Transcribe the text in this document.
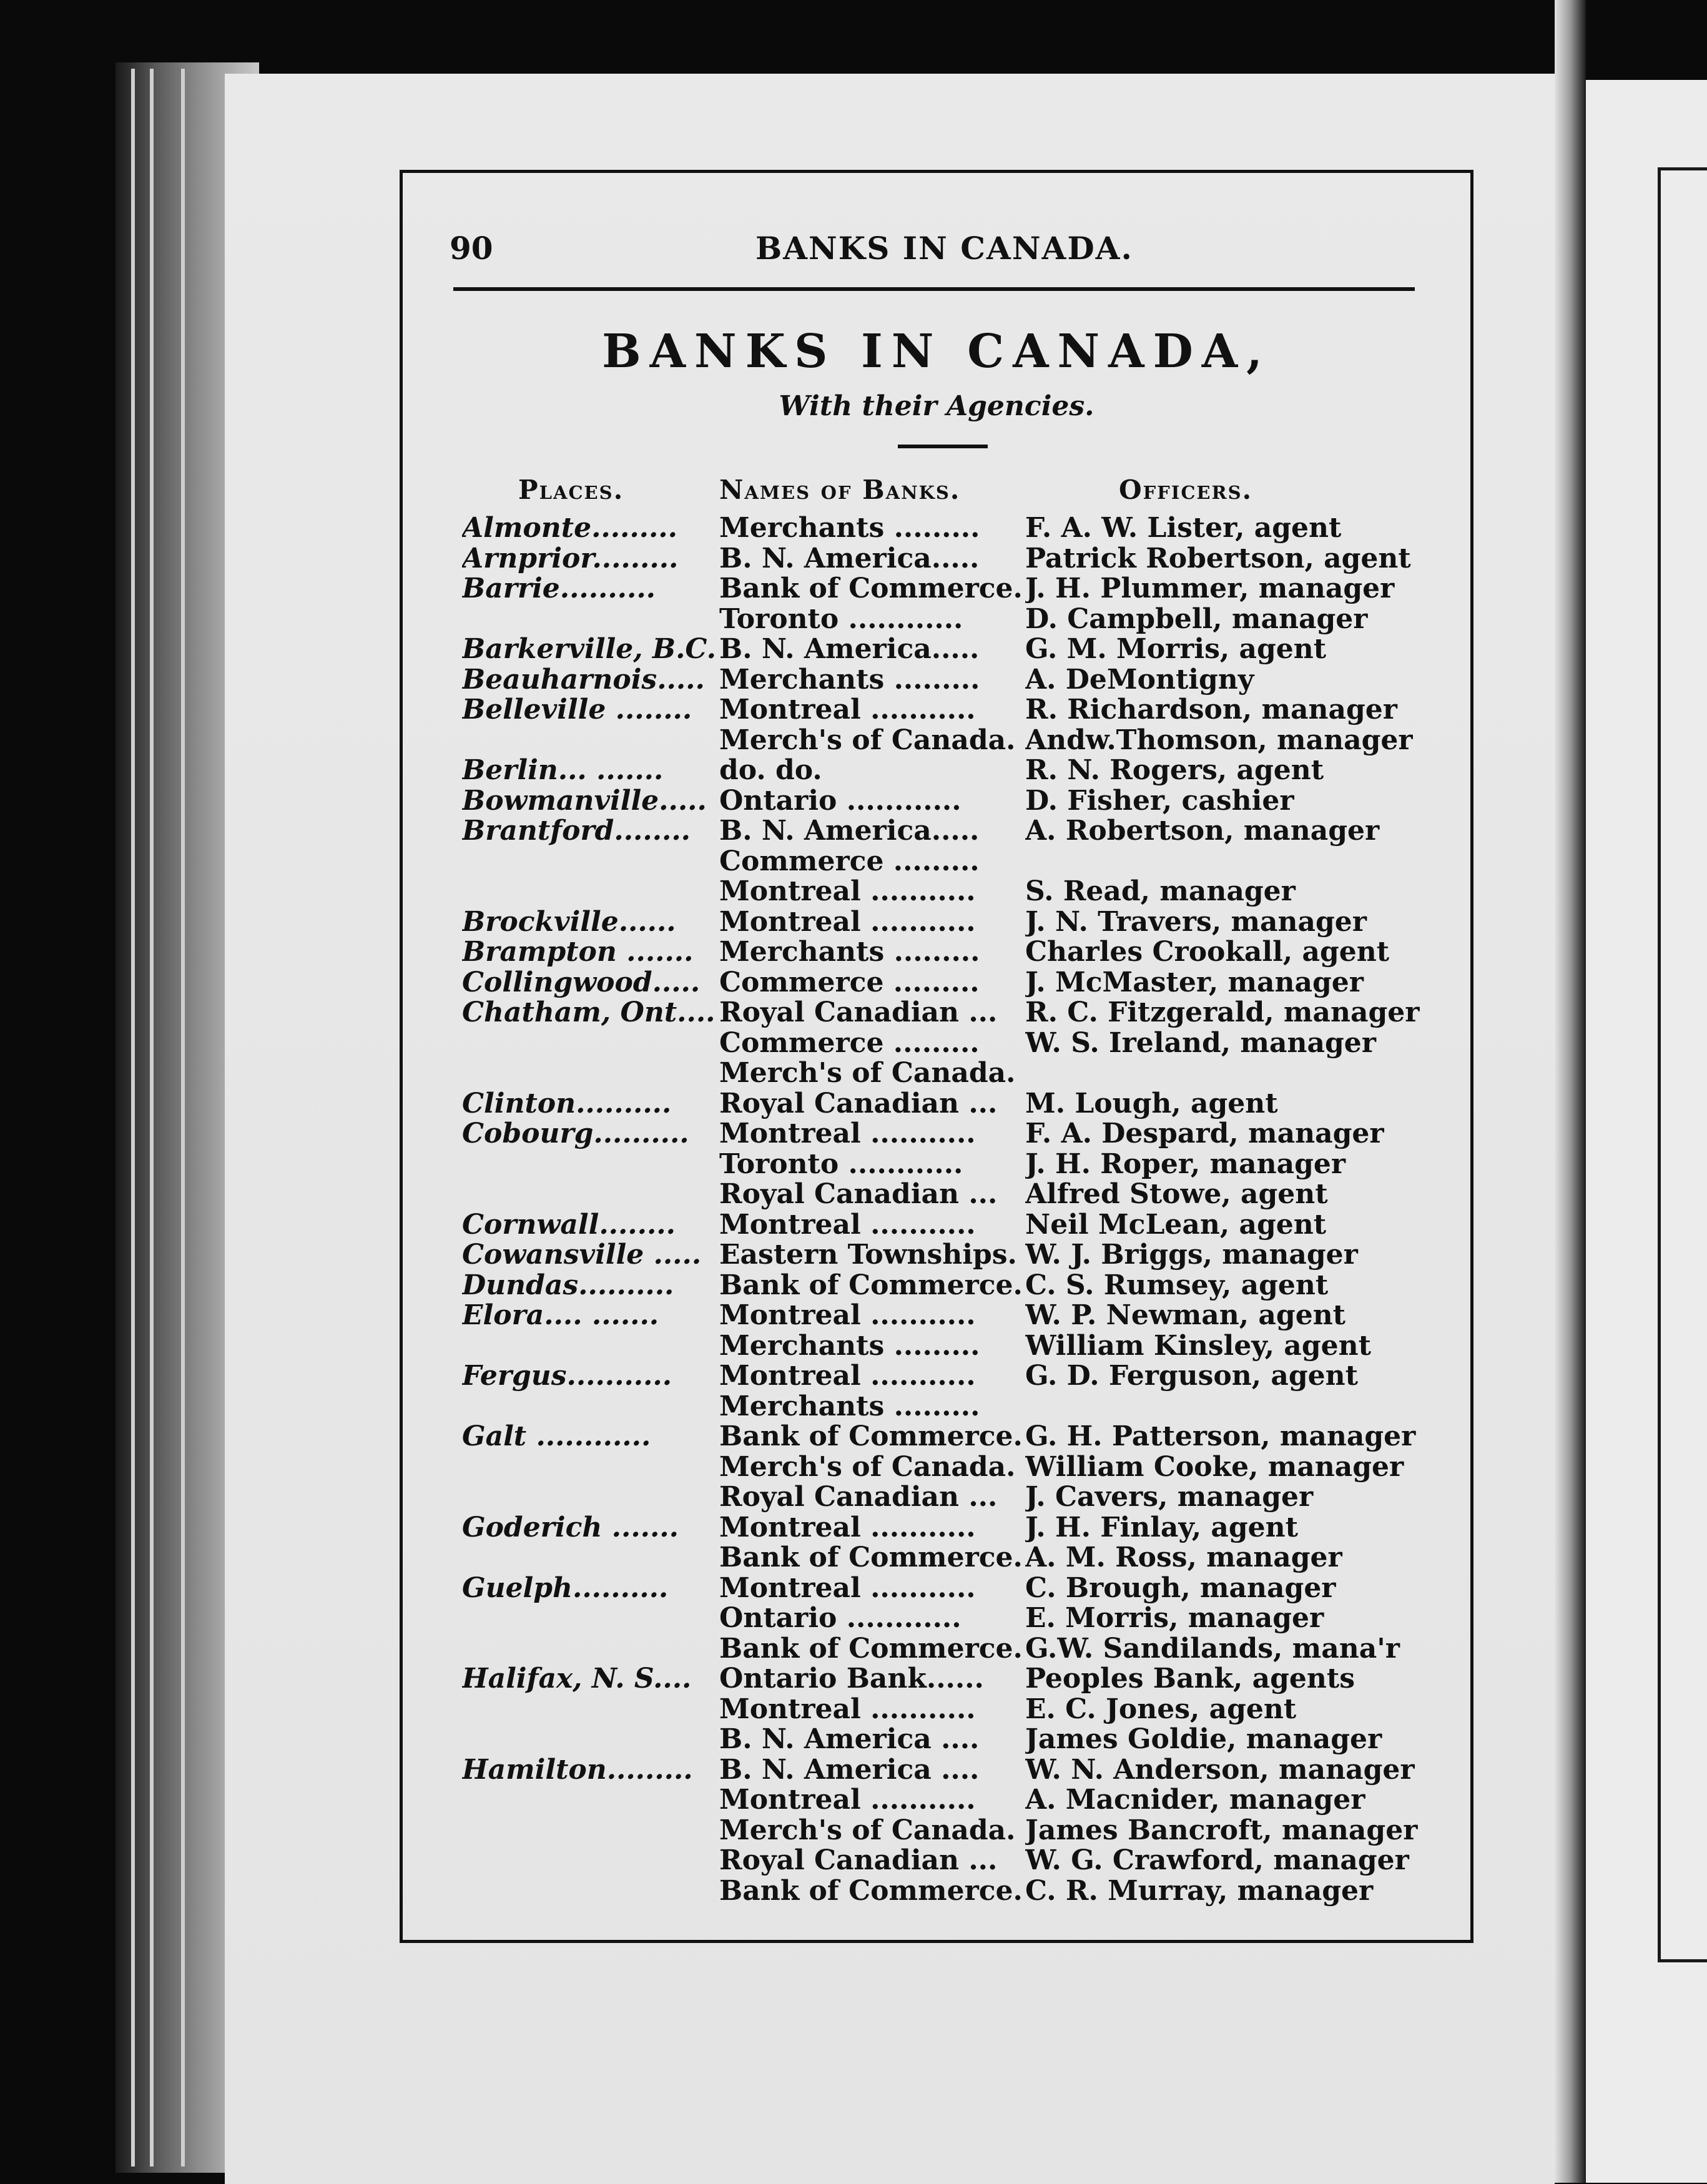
90	BANKS IN CANADA.
BANKS IN CANADA,
With their Agencies.
Places.	Names of Banks.	Officers.
Almonte.........	Merchants .........	F. A. W. Lister, agent
Arnprior.........	B. N. America.....	Patrick Robertson, agent
Barrie..........	Bank of Commerce. J. H. Plummer, manager
Toronto ............	D. Campbell, manager
Barkerville, B.C. B. N. America.....	G. M. Morris, agent
Beauharnois..... Merchants .........	A. DeMontigny
Belleville ........ Montreal ...........	R. Richardson, manager
Merch's of Canada. Andw.Thomson, manager
Berlin... .......	do. do.	R. N. Rogers, agent
Bowmanville..... Ontario ............	D. Fisher, cashier
Brantford........	B. N. America.....	A. Robertson, manager
Commerce .........
Montreal ...........	S. Read, manager
Brockville......	Montreal ...........	J. N. Travers, manager
Brampton ....... Merchants .........	Charles Crookall, agent
Collingwood..... Commerce .........	J. McMaster, manager
Chatham, Ont.... Royal Canadian ...	R. C. Fitzgerald, manager
Commerce .........	W. S. Ireland, manager
Merch's of Canada.
Clinton..........	Royal Canadian ...	M. Lough, agent
Cobourg..........	Montreal ...........	F. A. Despard, manager
Toronto ............	J. H. Roper, manager
Royal Canadian ...	Alfred Stowe, agent
Cornwall........	Montreal ...........	Neil McLean, agent
Cowansville ..... Eastern Townships. W. J. Briggs, manager
Dundas..........	Bank of Commerce. C. S. Rumsey, agent
Elora.... .......	Montreal ...........	W. P. Newman, agent
Merchants .........	William Kinsley, agent
Fergus...........	Montreal ...........	G. D. Ferguson, agent
Merchants .........
Galt ............	Bank of Commerce. G. H. Patterson, manager
Merch's of Canada. William Cooke, manager
Royal Canadian ...	J. Cavers, manager
Goderich .......	Montreal ...........	J. H. Finlay, agent
Bank of Commerce. A. M. Ross, manager
Guelph..........	Montreal ...........	C. Brough, manager
Ontario ............	E. Morris, manager
Bank of Commerce. G.W. Sandilands, mana'r
Halifax, N. S....	Ontario Bank......	Peoples Bank, agents
Montreal ...........	E. C. Jones, agent
B. N. America ....	James Goldie, manager
Hamilton......... B. N. America ....	W. N. Anderson, manager
Montreal ...........	A. Macnider, manager
Merch's of Canada. James Bancroft, manager
Royal Canadian ...	W. G. Crawford, manager
Bank of Commerce. C. R. Murray, manager
